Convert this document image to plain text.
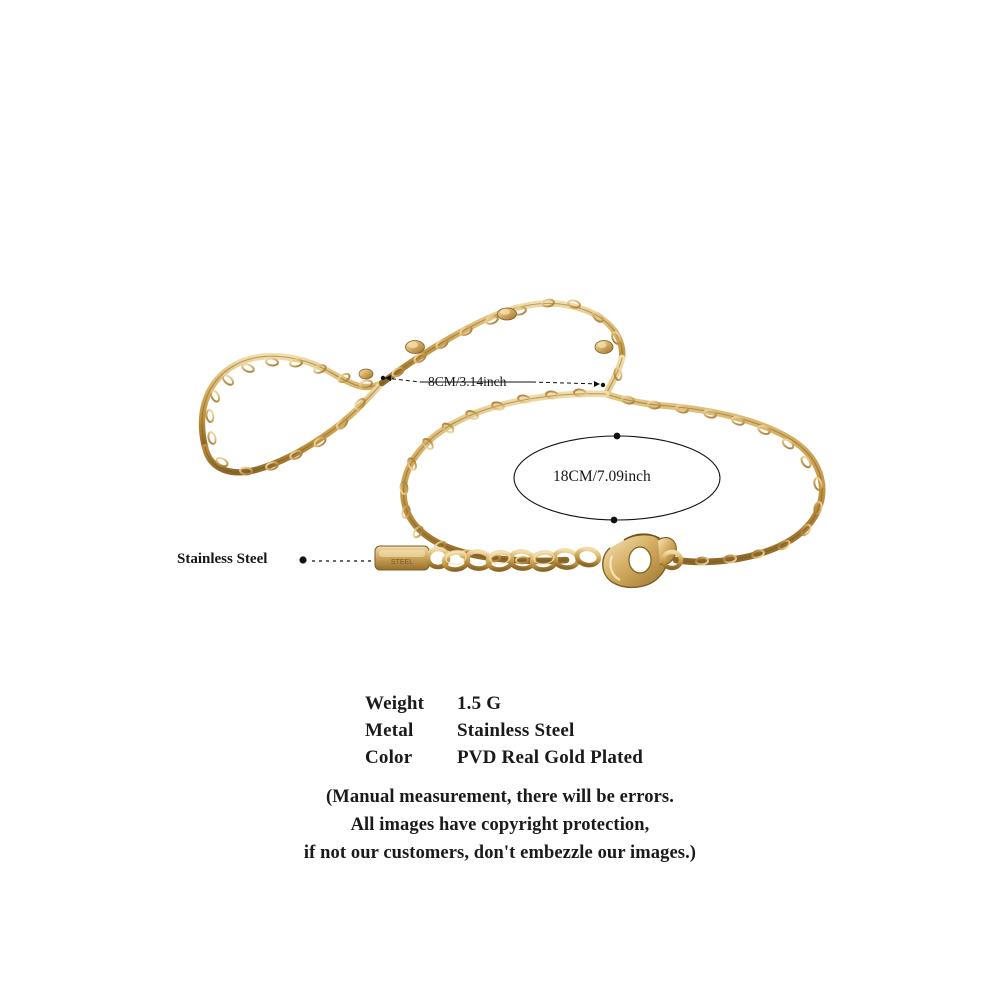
STEEL
8CM/3.14inch
18CM/7.09inch
Stainless Steel
Weight	1.5 G
Metal	Stainless Steel
Color	PVD Real Gold Plated
(Manual measurement, there will be errors.
All images have copyright protection,
if not our customers, don't embezzle our images.)
